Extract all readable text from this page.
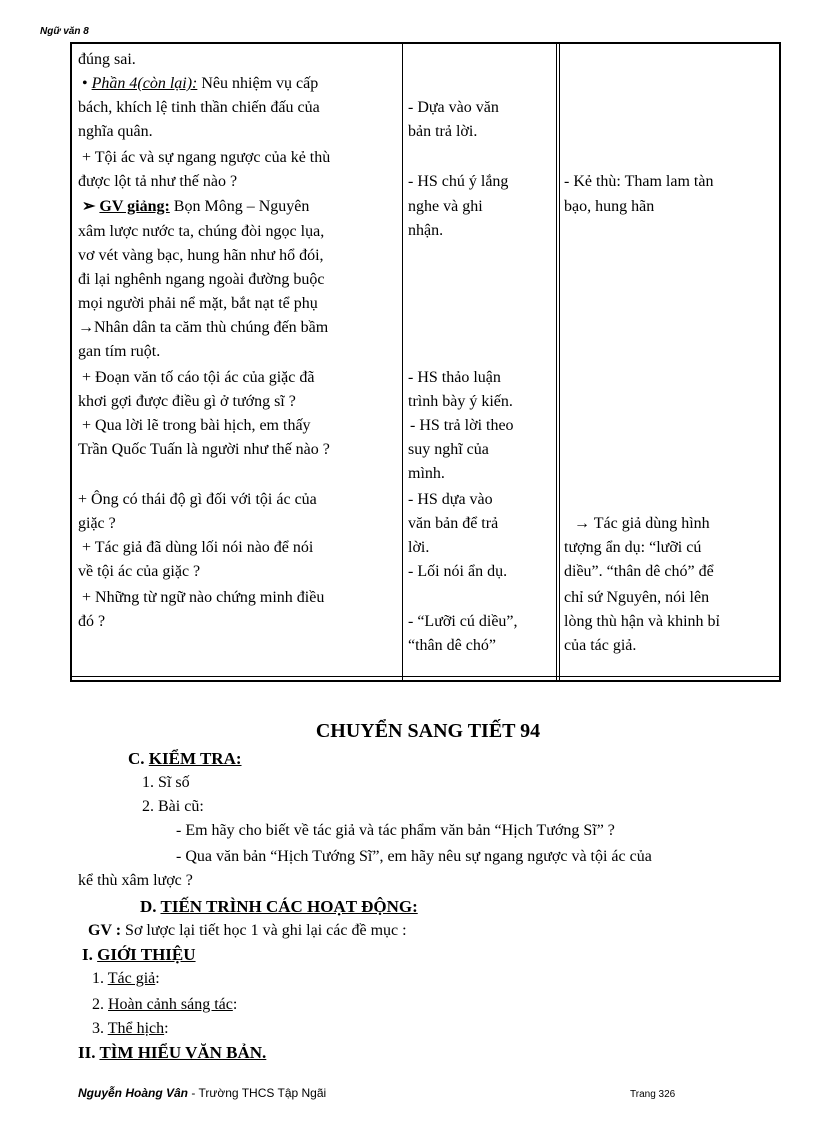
Ngữ văn 8
đúng sai.
• Phần 4(còn lại): Nêu nhiệm vụ cấp
bách, khích lệ tinh thần chiến đấu của
nghĩa quân.
+ Tội ác và sự ngang ngược của kẻ thù
được lột tả như thế nào ?
➢ GV giảng: Bọn Mông – Nguyên
xâm lược nước ta, chúng đòi ngọc lụa,
vơ vét vàng bạc, hung hãn như hổ đói,
đi lại nghênh ngang ngoài đường buộc
mọi người phải nể mặt, bắt nạt tể phụ
→Nhân dân ta căm thù chúng đến bầm
gan tím ruột.
+ Đoạn văn tố cáo tội ác của giặc đã
khơi gợi được điều gì ở tướng sĩ ?
+ Qua lời lẽ trong bài hịch, em thấy
Trần Quốc Tuấn là người như thế nào ?
+ Ông có thái độ gì đối với tội ác của
giặc ?
+ Tác giả đã dùng lối nói nào để nói
về tội ác của giặc ?
+ Những từ ngữ nào chứng minh điều
đó ?
- Dựa vào văn
bản trả lời.
- HS chú ý lắng
nghe và ghi
nhận.
- HS thảo luận
trình bày ý kiến.
- HS trả lời theo
suy nghĩ của
mình.
- HS dựa vào
văn bản để trả
lời.
- Lối nói ẩn dụ.
- “Lưỡi cú diều”,
“thân dê chó”
- Kẻ thù: Tham lam tàn
bạo, hung hãn
→ Tác giả dùng hình
tượng ẩn dụ: “lưỡi cú
diều”. “thân dê chó” để
chỉ sứ Nguyên, nói lên
lòng thù hận và khinh bỉ
của tác giả.
CHUYỂN SANG TIẾT 94
C. KIỂM TRA:
1. Sĩ số
2. Bài cũ:
- Em hãy cho biết về tác giả và tác phẩm văn bản “Hịch Tướng Sĩ” ?
- Qua văn bản “Hịch Tướng Sĩ”, em hãy nêu sự ngang ngược và tội ác của
kể thù xâm lược ?
D. TIẾN TRÌNH CÁC HOẠT ĐỘNG:
GV : Sơ lược lại tiết học 1 và ghi lại các đề mục :
I. GIỚI THIỆU
1. Tác giả:
2. Hoàn cảnh sáng tác:
3. Thể hịch:
II. TÌM HIỂU VĂN BẢN.
Nguyễn Hoàng Vân - Trường THCS Tập Ngãi	Trang 326
